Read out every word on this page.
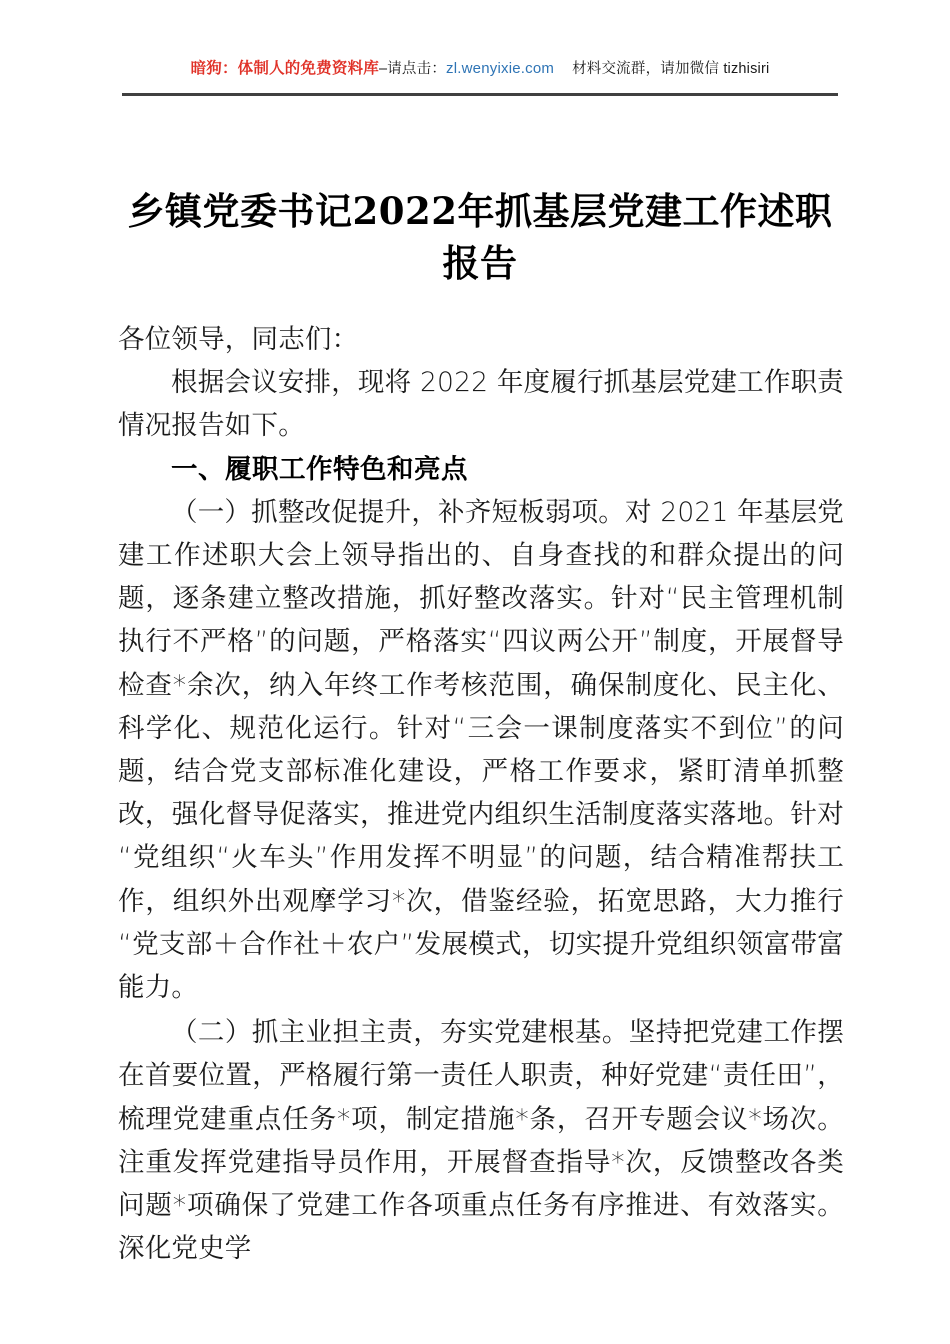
暗狗：体制人的免费资料库–请点击：zl.wenyixie.com 材料交流群，请加微信 tizhisiri
乡镇党委书记2022年抓基层党建工作述职报告

各位领导，同志们：

根据会议安排，现将 2022 年度履行抓基层党建工作职责情况报告如下。

一、履职工作特色和亮点

（一）抓整改促提升，补齐短板弱项。对 2021 年基层党建工作述职大会上领导指出的、自身查找的和群众提出的问题，逐条建立整改措施，抓好整改落实。针对“民主管理机制执行不严格”的问题，严格落实“四议两公开”制度，开展督导检查*余次，纳入年终工作考核范围，确保制度化、民主化、科学化、规范化运行。针对“三会一课制度落实不到位”的问题，结合党支部标准化建设，严格工作要求，紧盯清单抓整改，强化督导促落实，推进党内组织生活制度落实落地。针对“党组织“火车头”作用发挥不明显”的问题，结合精准帮扶工作，组织外出观摩学习*次，借鉴经验，拓宽思路，大力推行“党支部＋合作社＋农户”发展模式，切实提升党组织领富带富能力。

（二）抓主业担主责，夯实党建根基。坚持把党建工作摆在首要位置，严格履行第一责任人职责，种好党建“责任田”，梳理党建重点任务*项，制定措施*条，召开专题会议*场次。注重发挥党建指导员作用，开展督查指导*次，反馈整改各类问题*项确保了党建工作各项重点任务有序推进、有效落实。深化党史学
